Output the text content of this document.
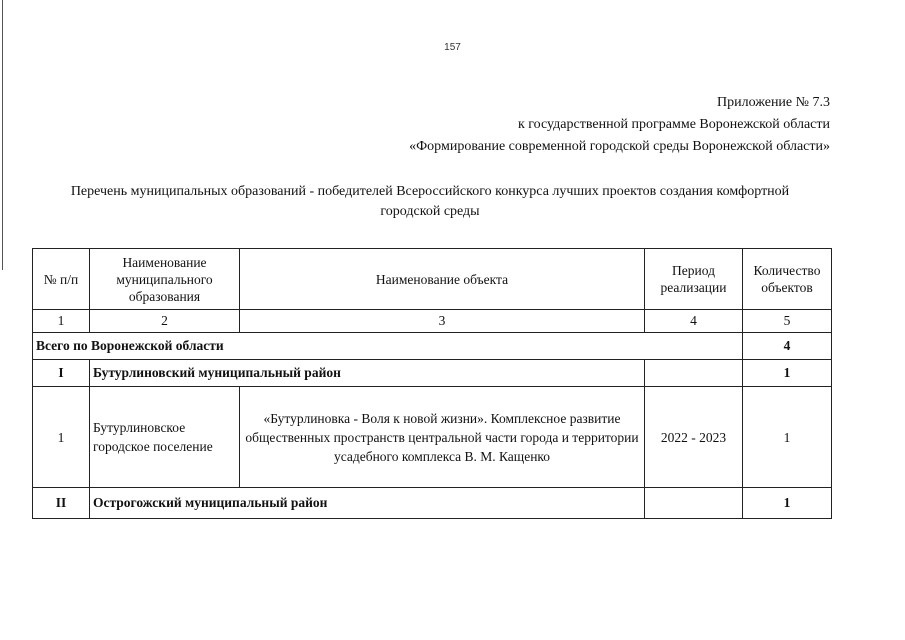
157
Приложение № 7.3
к государственной программе Воронежской области
«Формирование современной городской среды Воронежской области»
Перечень муниципальных образований - победителей Всероссийского конкурса лучших проектов создания комфортной
городской среды
№ п/п	Наименование муниципального образования	Наименование объекта	Период реализации	Количество объектов
1	2	3	4	5
Всего по Воронежской области				4
I	Бутурлиновский муниципальный район			1
1	Бутурлиновское городское поселение	«Бутурлиновка - Воля к новой жизни». Комплексное развитие общественных пространств центральной части города и территории усадебного комплекса В. М. Кащенко	2022 - 2023	1
II	Острогожский муниципальный район			1
